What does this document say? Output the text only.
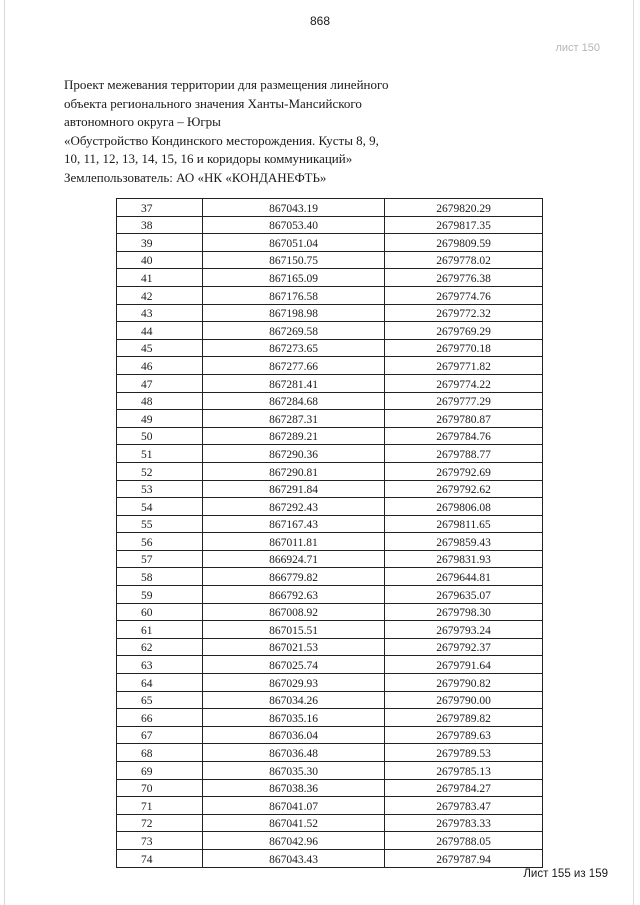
868
лист 150
Проект межевания территории для размещения линейного
объекта регионального значения Ханты-Мансийского
автономного округа – Югры
«Обустройство Кондинского месторождения. Кусты 8, 9,
10, 11, 12, 13, 14, 15, 16 и коридоры коммуникаций»
Землепользователь: АО «НК «КОНДАНЕФТЬ»
37	867043.19	2679820.29
38	867053.40	2679817.35
39	867051.04	2679809.59
40	867150.75	2679778.02
41	867165.09	2679776.38
42	867176.58	2679774.76
43	867198.98	2679772.32
44	867269.58	2679769.29
45	867273.65	2679770.18
46	867277.66	2679771.82
47	867281.41	2679774.22
48	867284.68	2679777.29
49	867287.31	2679780.87
50	867289.21	2679784.76
51	867290.36	2679788.77
52	867290.81	2679792.69
53	867291.84	2679792.62
54	867292.43	2679806.08
55	867167.43	2679811.65
56	867011.81	2679859.43
57	866924.71	2679831.93
58	866779.82	2679644.81
59	866792.63	2679635.07
60	867008.92	2679798.30
61	867015.51	2679793.24
62	867021.53	2679792.37
63	867025.74	2679791.64
64	867029.93	2679790.82
65	867034.26	2679790.00
66	867035.16	2679789.82
67	867036.04	2679789.63
68	867036.48	2679789.53
69	867035.30	2679785.13
70	867038.36	2679784.27
71	867041.07	2679783.47
72	867041.52	2679783.33
73	867042.96	2679788.05
74	867043.43	2679787.94
Лист 155 из 159
